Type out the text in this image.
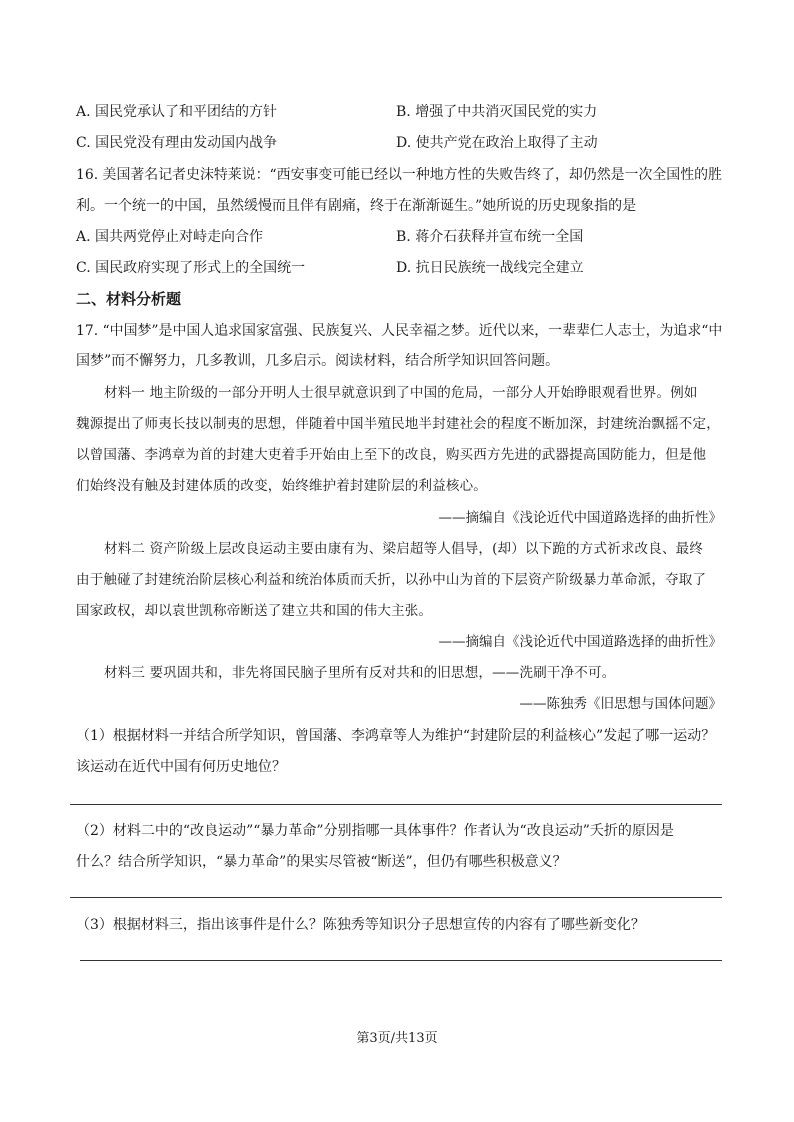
A. 国民党承认了和平团结的方针	B. 增强了中共消灭国民党的实力
C. 国民党没有理由发动国内战争	D. 使共产党在政治上取得了主动
16. 美国著名记者史沫特莱说：“西安事变可能已经以一种地方性的失败告终了，却仍然是一次全国性的胜
利。一个统一的中国，虽然缓慢而且伴有剧痛，终于在渐渐诞生。”她所说的历史现象指的是
A. 国共两党停止对峙走向合作	B. 蒋介石获释并宣布统一全国
C. 国民政府实现了形式上的全国统一	D. 抗日民族统一战线完全建立
二、材料分析题
17. “中国梦”是中国人追求国家富强、民族复兴、人民幸福之梦。近代以来，一辈辈仁人志士，为追求“中
国梦”而不懈努力，几多教训，几多启示。阅读材料，结合所学知识回答问题。
材料一 地主阶级的一部分开明人士很早就意识到了中国的危局，一部分人开始睁眼观看世界。例如
魏源提出了师夷长技以制夷的思想，伴随着中国半殖民地半封建社会的程度不断加深，封建统治飘摇不定，
以曾国藩、李鸿章为首的封建大吏着手开始由上至下的改良，购买西方先进的武器提高国防能力，但是他
们始终没有触及封建体质的改变，始终维护着封建阶层的利益核心。
——摘编自《浅论近代中国道路选择的曲折性》
材料二 资产阶级上层改良运动主要由康有为、梁启超等人倡导，(却）以下跪的方式祈求改良、最终
由于触碰了封建统治阶层核心利益和统治体质而夭折，以孙中山为首的下层资产阶级暴力革命派，夺取了
国家政权，却以袁世凯称帝断送了建立共和国的伟大主张。
——摘编自《浅论近代中国道路选择的曲折性》
材料三 要巩固共和，非先将国民脑子里所有反对共和的旧思想，——洗刷干净不可。
——陈独秀《旧思想与国体问题》
（1）根据材料一并结合所学知识，曾国藩、李鸿章等人为维护“封建阶层的利益核心”发起了哪一运动？
该运动在近代中国有何历史地位？
（2）材料二中的“改良运动”“暴力革命”分别指哪一具体事件？作者认为“改良运动”夭折的原因是
什么？结合所学知识，“暴力革命”的果实尽管被“断送”，但仍有哪些积极意义？
（3）根据材料三，指出该事件是什么？陈独秀等知识分子思想宣传的内容有了哪些新变化？
第3页/共13页
